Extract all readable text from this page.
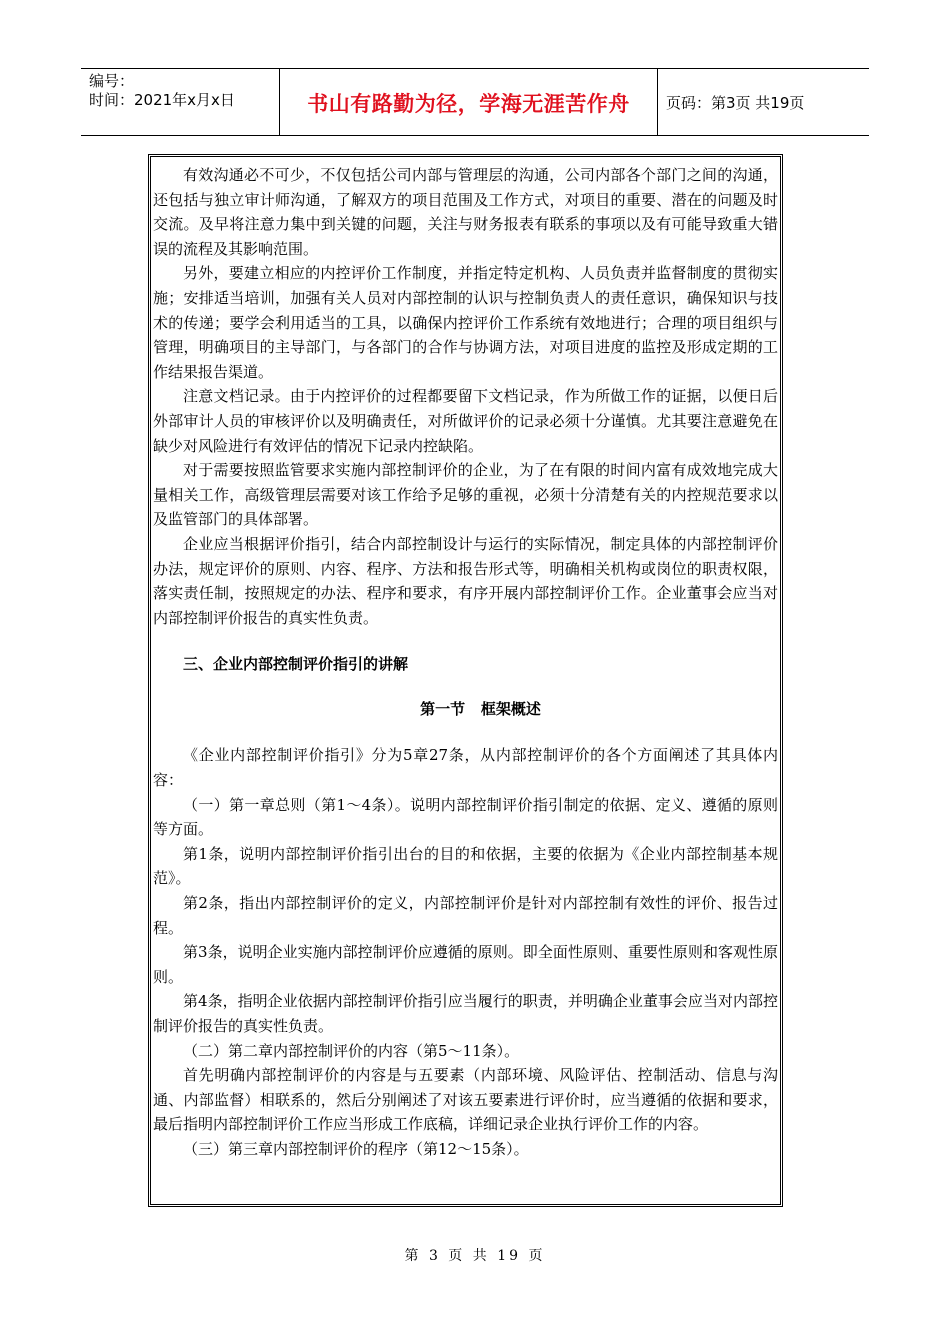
编号：
时间：2021年x月x日	书山有路勤为径，学海无涯苦作舟	页码：第3页 共19页

有效沟通必不可少，不仅包括公司内部与管理层的沟通，公司内部各个部门之间的沟通，还包括与独立审计师沟通，了解双方的项目范围及工作方式，对项目的重要、潜在的问题及时交流。及早将注意力集中到关键的问题，关注与财务报表有联系的事项以及有可能导致重大错误的流程及其影响范围。

另外，要建立相应的内控评价工作制度，并指定特定机构、人员负责并监督制度的贯彻实施；安排适当培训，加强有关人员对内部控制的认识与控制负责人的责任意识，确保知识与技术的传递；要学会利用适当的工具，以确保内控评价工作系统有效地进行；合理的项目组织与管理，明确项目的主导部门，与各部门的合作与协调方法，对项目进度的监控及形成定期的工作结果报告渠道。

注意文档记录。由于内控评价的过程都要留下文档记录，作为所做工作的证据，以便日后外部审计人员的审核评价以及明确责任，对所做评价的记录必须十分谨慎。尤其要注意避免在缺少对风险进行有效评估的情况下记录内控缺陷。

对于需要按照监管要求实施内部控制评价的企业，为了在有限的时间内富有成效地完成大量相关工作，高级管理层需要对该工作给予足够的重视，必须十分清楚有关的内控规范要求以及监管部门的具体部署。

企业应当根据评价指引，结合内部控制设计与运行的实际情况，制定具体的内部控制评价办法，规定评价的原则、内容、程序、方法和报告形式等，明确相关机构或岗位的职责权限，落实责任制，按照规定的办法、程序和要求，有序开展内部控制评价工作。企业董事会应当对内部控制评价报告的真实性负责。

三、企业内部控制评价指引的讲解

第一节   框架概述

《企业内部控制评价指引》分为5章27条，从内部控制评价的各个方面阐述了其具体内容：

（一）第一章总则（第1～4条）。说明内部控制评价指引制定的依据、定义、遵循的原则等方面。

第1条，说明内部控制评价指引出台的目的和依据，主要的依据为《企业内部控制基本规范》。

第2条，指出内部控制评价的定义，内部控制评价是针对内部控制有效性的评价、报告过程。

第3条，说明企业实施内部控制评价应遵循的原则。即全面性原则、重要性原则和客观性原则。

第4条，指明企业依据内部控制评价指引应当履行的职责，并明确企业董事会应当对内部控制评价报告的真实性负责。

（二）第二章内部控制评价的内容（第5～11条）。

首先明确内部控制评价的内容是与五要素（内部环境、风险评估、控制活动、信息与沟通、内部监督）相联系的，然后分别阐述了对该五要素进行评价时，应当遵循的依据和要求，最后指明内部控制评价工作应当形成工作底稿，详细记录企业执行评价工作的内容。

（三）第三章内部控制评价的程序（第12～15条）。

第 3 页 共 19 页
